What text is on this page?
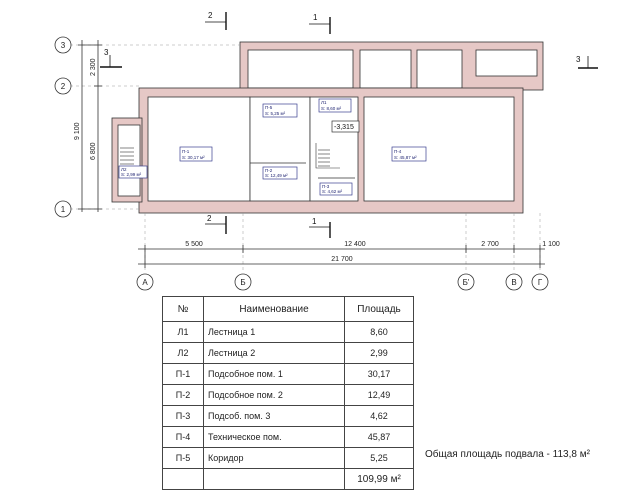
3
2
1
А	Б	Б'	В	Г
2	1
2	1
3
3
9 100
6 800
2 300
5 500	12 400	2 700	1 100
21 700
-3,315
П-1
S: 30,17 м²
П-2
S: 12,49 м²
П-3
S: 4,62 м²
П-4
S: 45,87 м²
П-5
S: 5,25 м²
Л1
S: 8,60 м²
Л2
S: 2,99 м²
№	Наименование	Площадь
Л1	Лестница 1	8,60
Л2	Лестница 2	2,99
П-1	Подсобное пом. 1	30,17
П-2	Подсобное пом. 2	12,49
П-3	Подсоб. пом. 3	4,62
П-4	Техническое пом.	45,87
П-5	Коридор	5,25
		109,99 м²
Общая площадь подвала - 113,8 м²
